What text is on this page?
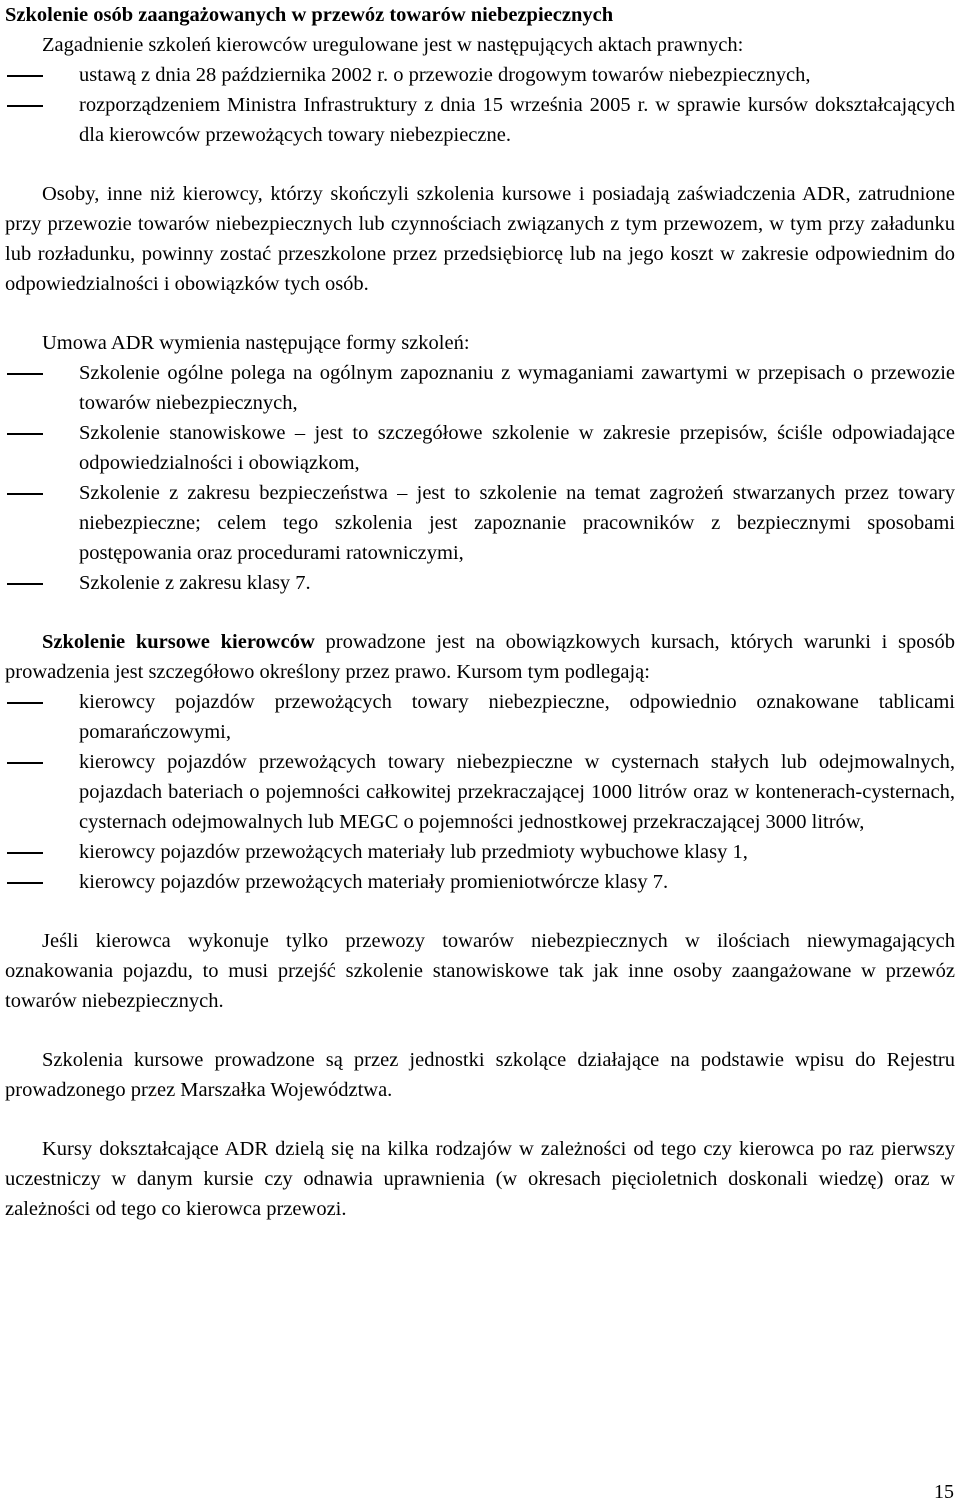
Szkolenie osób zaangażowanych w przewóz towarów niebezpiecznych

Zagadnienie szkoleń kierowców uregulowane jest w następujących aktach prawnych:

ustawą z dnia 28 października 2002 r. o przewozie drogowym towarów niebezpiecznych,
rozporządzeniem Ministra Infrastruktury z dnia 15 września 2005 r. w sprawie kursów dokształcających dla kierowców przewożących towary niebezpieczne.

Osoby, inne niż kierowcy, którzy skończyli szkolenia kursowe i posiadają zaświadczenia ADR, zatrudnione przy przewozie towarów niebezpiecznych lub czynnościach związanych z tym przewozem, w tym przy załadunku lub rozładunku, powinny zostać przeszkolone przez przedsiębiorcę lub na jego koszt w zakresie odpowiednim do odpowiedzialności i obowiązków tych osób.

Umowa ADR wymienia następujące formy szkoleń:

Szkolenie ogólne polega na ogólnym zapoznaniu z wymaganiami zawartymi w przepisach o przewozie towarów niebezpiecznych,
Szkolenie stanowiskowe – jest to szczegółowe szkolenie w zakresie przepisów, ściśle odpowiadające odpowiedzialności i obowiązkom,
Szkolenie z zakresu bezpieczeństwa – jest to szkolenie na temat zagrożeń stwarzanych przez towary niebezpieczne; celem tego szkolenia jest zapoznanie pracowników z bezpiecznymi sposobami postępowania oraz procedurami ratowniczymi,
Szkolenie z zakresu klasy 7.

Szkolenie kursowe kierowców prowadzone jest na obowiązkowych kursach, których warunki i sposób prowadzenia jest szczegółowo określony przez prawo. Kursom tym podlegają:

kierowcy pojazdów przewożących towary niebezpieczne, odpowiednio oznakowane tablicami pomarańczowymi,
kierowcy pojazdów przewożących towary niebezpieczne w cysternach stałych lub odejmowalnych, pojazdach bateriach o pojemności całkowitej przekraczającej 1000 litrów oraz w kontenerach-cysternach, cysternach odejmowalnych lub MEGC o pojemności jednostkowej przekraczającej 3000 litrów,
kierowcy pojazdów przewożących materiały lub przedmioty wybuchowe klasy 1,
kierowcy pojazdów przewożących materiały promieniotwórcze klasy 7.

Jeśli kierowca wykonuje tylko przewozy towarów niebezpiecznych w ilościach niewymagających oznakowania pojazdu, to musi przejść szkolenie stanowiskowe tak jak inne osoby zaangażowane w przewóz towarów niebezpiecznych.

Szkolenia kursowe prowadzone są przez jednostki szkolące działające na podstawie wpisu do Rejestru prowadzonego przez Marszałka Województwa.

Kursy dokształcające ADR dzielą się na kilka rodzajów w zależności od tego czy kierowca po raz pierwszy uczestniczy w danym kursie czy odnawia uprawnienia (w okresach pięcioletnich doskonali wiedzę) oraz w zależności od tego co kierowca przewozi.

15
